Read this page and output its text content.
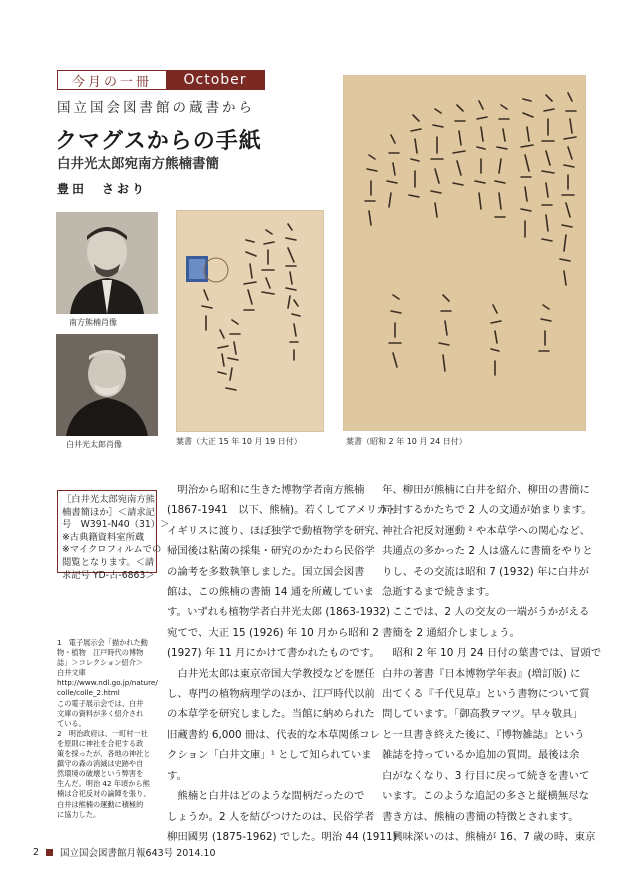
今月の一冊	October
国立国会図書館の蔵書から
クマグスからの手紙
白井光太郎宛南方熊楠書簡
豊田　さおり
南方熊楠肖像
白井光太郎肖像	葉書（大正 15 年 10 月 19 日付）	葉書（昭和 2 年 10 月 24 日付）
［白井光太郎宛南方熊
楠書簡ほか］＜請求記
号　W391-N40（31）＞
※古典籍資料室所蔵
※マイクロフィルムでの
閲覧となります。＜請
求記号 YD-古-6863＞
1　電子展示会「描かれた動
物・植物　江戸時代の博物
誌」＞コレクション紹介＞
白井文庫
http://www.ndl.go.jp/nature/
colle/colle_2.html
この電子展示会では、白井
文庫の資料が多く紹介され
ている。
2　明治政府は、一町村一社
を原則に神社を合祀する政
策を採ったが、各地の神社と
鎮守の森の消滅は史跡や自
然環境の破壊という弊害を
生んだ。明治 42 年頃から熊
楠は合祀反対の論陣を張り、
白井は熊楠の運動に積極的
に協力した。
　明治から昭和に生きた博物学者南方熊楠
(1867-1941　以下、熊楠)。若くしてアメリカ・
イギリスに渡り、ほぼ独学で動植物学を研究、
帰国後は粘菌の採集・研究のかたわら民俗学
の論考を多数執筆しました。国立国会図書
館は、この熊楠の書簡 14 通を所蔵していま
す。いずれも植物学者白井光太郎 (1863-1932)
宛てで、大正 15 (1926) 年 10 月から昭和 2
(1927) 年 11 月にかけて書かれたものです。
　白井光太郎は東京帝国大学教授などを歴任
し、専門の植物病理学のほか、江戸時代以前
の本草学を研究しました。当館に納められた
旧蔵書約 6,000 冊は、代表的な本草関係コレ
クション「白井文庫」¹ として知られていま
す。
　熊楠と白井はどのような間柄だったので
しょうか。2 人を結びつけたのは、民俗学者
柳田國男 (1875-1962) でした。明治 44 (1911)
年、柳田が熊楠に白井を紹介、柳田の書簡に
同封するかたちで 2 人の文通が始まります。
神社合祀反対運動 ² や本草学への関心など、
共通点の多かった 2 人は盛んに書簡をやりと
りし、その交流は昭和 7 (1932) 年に白井が
急逝するまで続きます。
　ここでは、2 人の交友の一端がうかがえる
書簡を 2 通紹介しましょう。
　昭和 2 年 10 月 24 日付の葉書では、冒頭で
白井の著書『日本博物学年表』(増訂版) に
出てくる『千代見草』という書物について質
問しています。「御高教ヲマツ。早々敬具」
と一旦書き終えた後に、『博物雑誌』という
雑誌を持っているか追加の質問。最後は余
白がなくなり、3 行目に戻って続きを書いて
います。このような追記の多さと縦横無尽な
書き方は、熊楠の書簡の特徴とされます。
　興味深いのは、熊楠が 16、7 歳の時、東京
2 国立国会図書館月報643号 2014.10
